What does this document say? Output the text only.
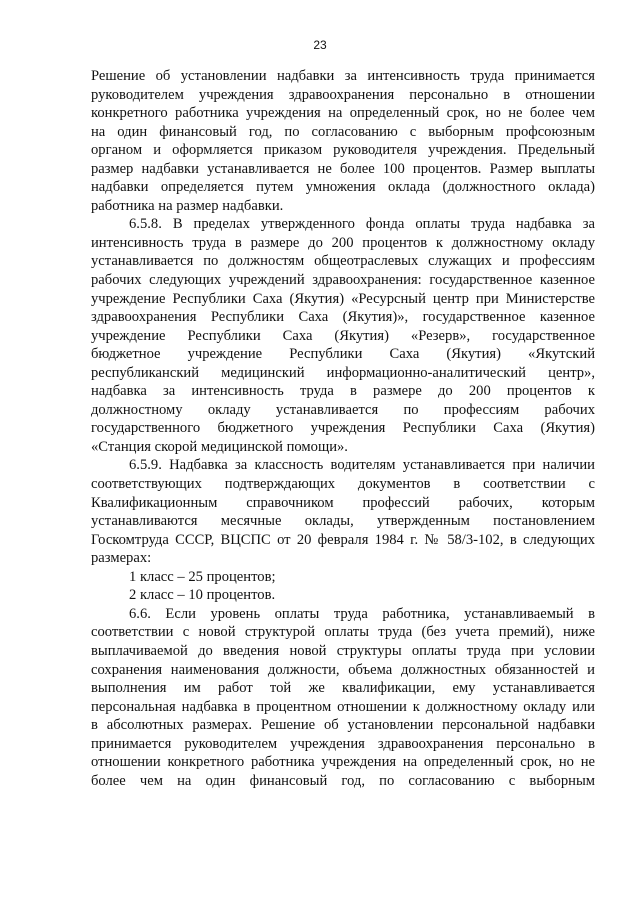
23
Решение об установлении надбавки за интенсивность труда принимается
руководителем учреждения здравоохранения персонально в отношении
конкретного работника учреждения на определенный срок, но не более чем
на один финансовый год, по согласованию с выборным профсоюзным
органом и оформляется приказом руководителя учреждения. Предельный
размер надбавки устанавливается не более 100 процентов. Размер выплаты
надбавки определяется путем умножения оклада (должностного оклада)
работника на размер надбавки.
6.5.8. В пределах утвержденного фонда оплаты труда надбавка за
интенсивность труда в размере до 200 процентов к должностному окладу
устанавливается по должностям общеотраслевых служащих и профессиям
рабочих следующих учреждений здравоохранения: государственное казенное
учреждение Республики Саха (Якутия) «Ресурсный центр при Министерстве
здравоохранения Республики Саха (Якутия)», государственное казенное
учреждение Республики Саха (Якутия) «Резерв», государственное
бюджетное учреждение Республики Саха (Якутия) «Якутский
республиканский медицинский информационно-аналитический центр»,
надбавка за интенсивность труда в размере до 200 процентов к
должностному окладу устанавливается по профессиям рабочих
государственного бюджетного учреждения Республики Саха (Якутия)
«Станция скорой медицинской помощи».
6.5.9. Надбавка за классность водителям устанавливается при наличии
соответствующих подтверждающих документов в соответствии с
Квалификационным справочником профессий рабочих, которым
устанавливаются месячные оклады, утвержденным постановлением
Госкомтруда СССР, ВЦСПС от 20 февраля 1984 г. № 58/3-102, в следующих
размерах:
1 класс – 25 процентов;
2 класс – 10 процентов.
6.6. Если уровень оплаты труда работника, устанавливаемый в
соответствии с новой структурой оплаты труда (без учета премий), ниже
выплачиваемой до введения новой структуры оплаты труда при условии
сохранения наименования должности, объема должностных обязанностей и
выполнения им работ той же квалификации, ему устанавливается
персональная надбавка в процентном отношении к должностному окладу или
в абсолютных размерах. Решение об установлении персональной надбавки
принимается руководителем учреждения здравоохранения персонально в
отношении конкретного работника учреждения на определенный срок, но не
более чем на один финансовый год, по согласованию с выборным
